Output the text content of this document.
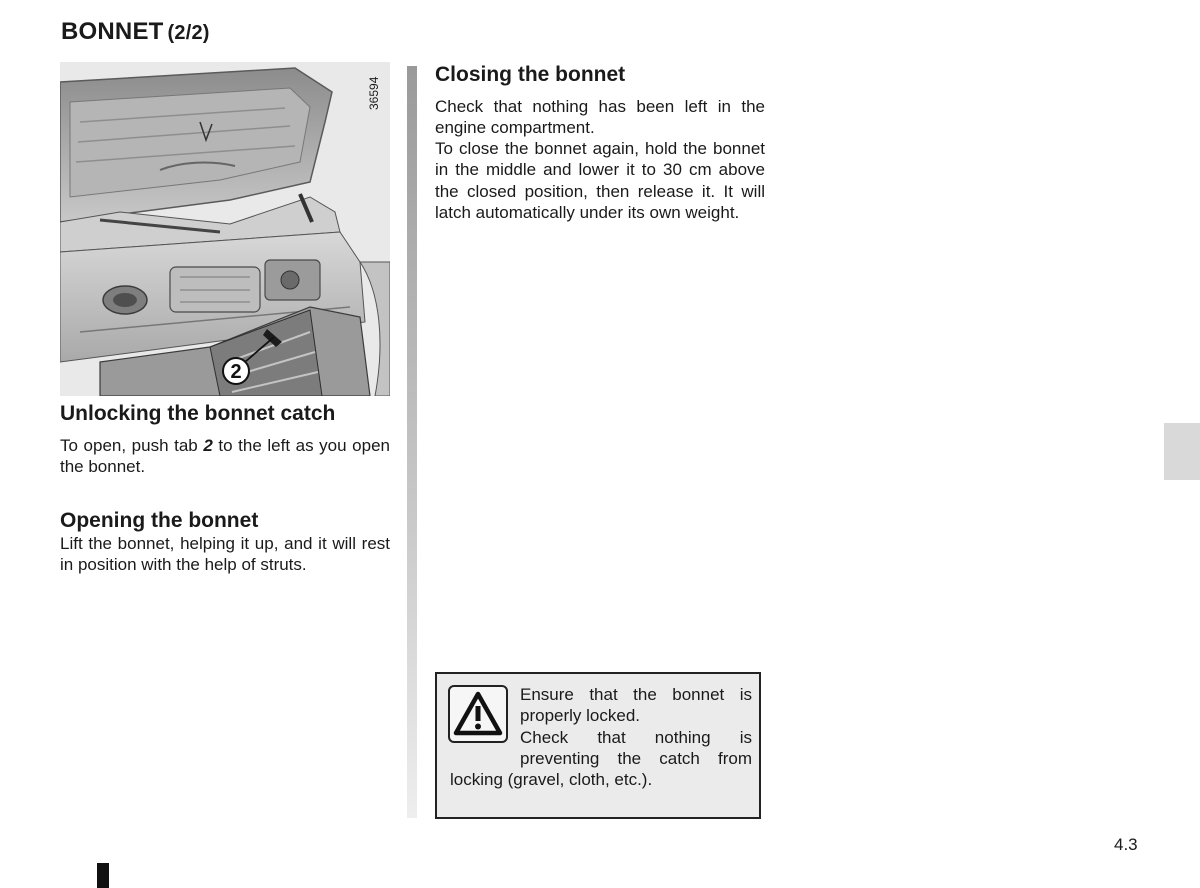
BONNET (2/2)
2
36594
Unlocking the bonnet catch

To open, push tab 2 to the left as you open the bonnet.

Opening the bonnet

Lift the bonnet, helping it up, and it will rest in position with the help of struts.

Closing the bonnet

Check that nothing has been left in the engine compartment.

To close the bonnet again, hold the bonnet in the middle and lower it to 30 cm above the closed position, then release it. It will latch automatically under its own weight.

Ensure that the bonnet is properly locked.
Check that nothing is preventing the catch from locking (gravel, cloth, etc.).

4.3
